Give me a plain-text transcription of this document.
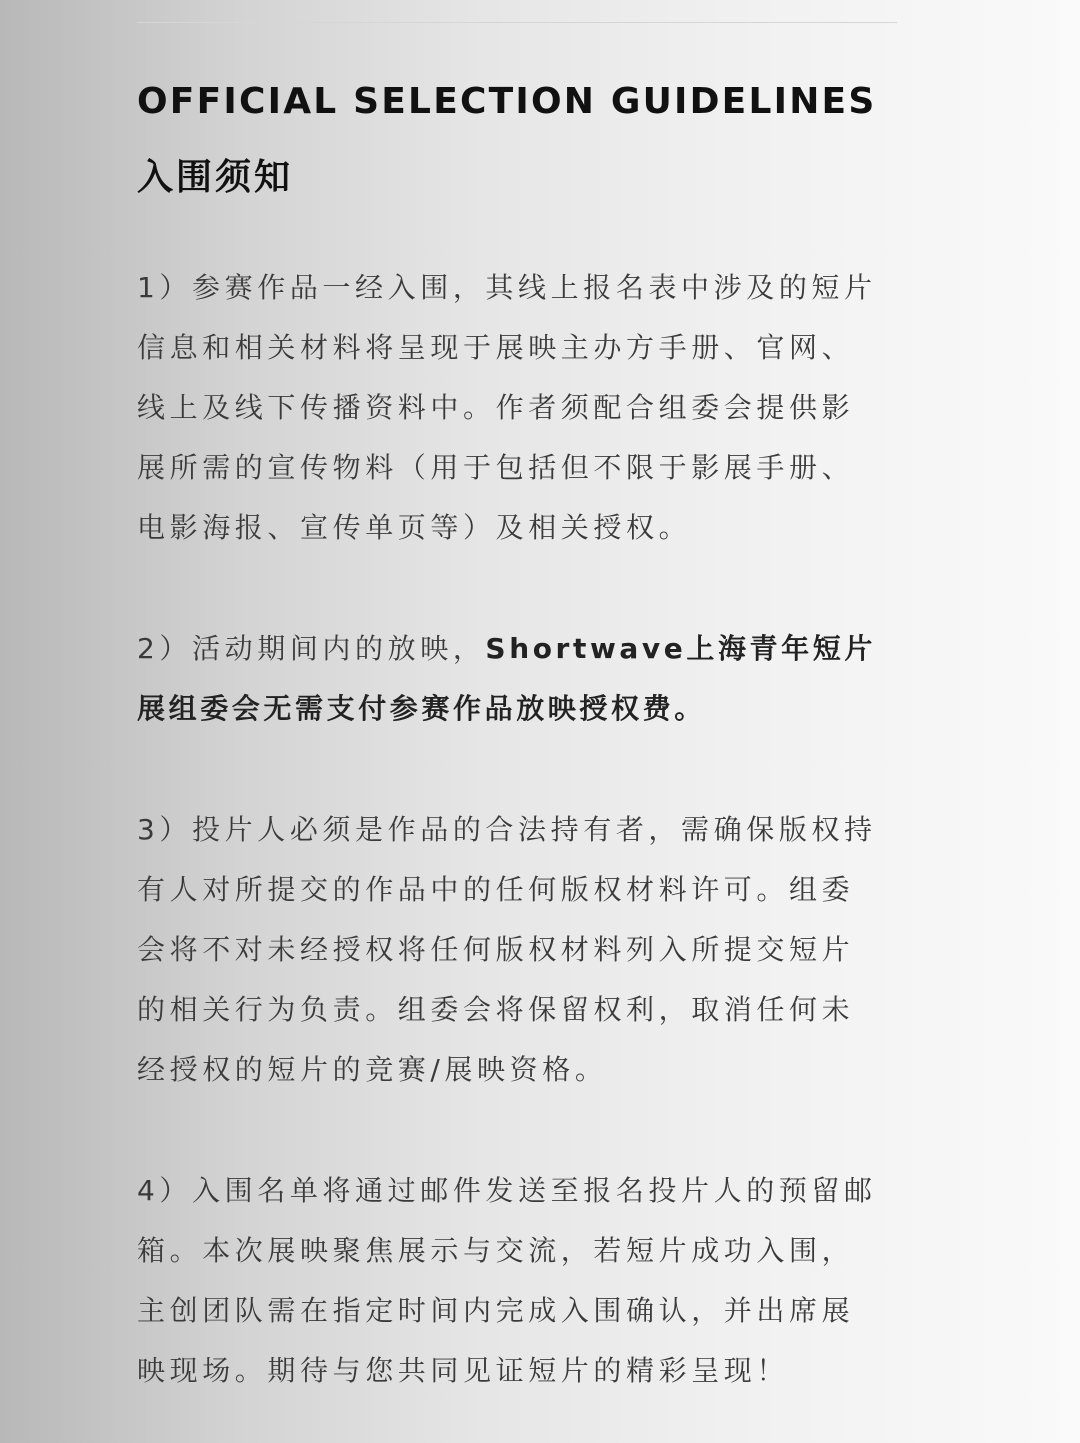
OFFICIAL SELECTION GUIDELINES
入围须知
1）参赛作品一经入围，其线上报名表中涉及的短片
信息和相关材料将呈现于展映主办方手册、官网、
线上及线下传播资料中。作者须配合组委会提供影
展所需的宣传物料（用于包括但不限于影展手册、
电影海报、宣传单页等）及相关授权。
2）活动期间内的放映，Shortwave上海青年短片
展组委会无需支付参赛作品放映授权费。
3）投片人必须是作品的合法持有者，需确保版权持
有人对所提交的作品中的任何版权材料许可。组委
会将不对未经授权将任何版权材料列入所提交短片
的相关行为负责。组委会将保留权利，取消任何未
经授权的短片的竞赛/展映资格。
4）入围名单将通过邮件发送至报名投片人的预留邮
箱。本次展映聚焦展示与交流，若短片成功入围，
主创团队需在指定时间内完成入围确认，并出席展
映现场。期待与您共同见证短片的精彩呈现！
